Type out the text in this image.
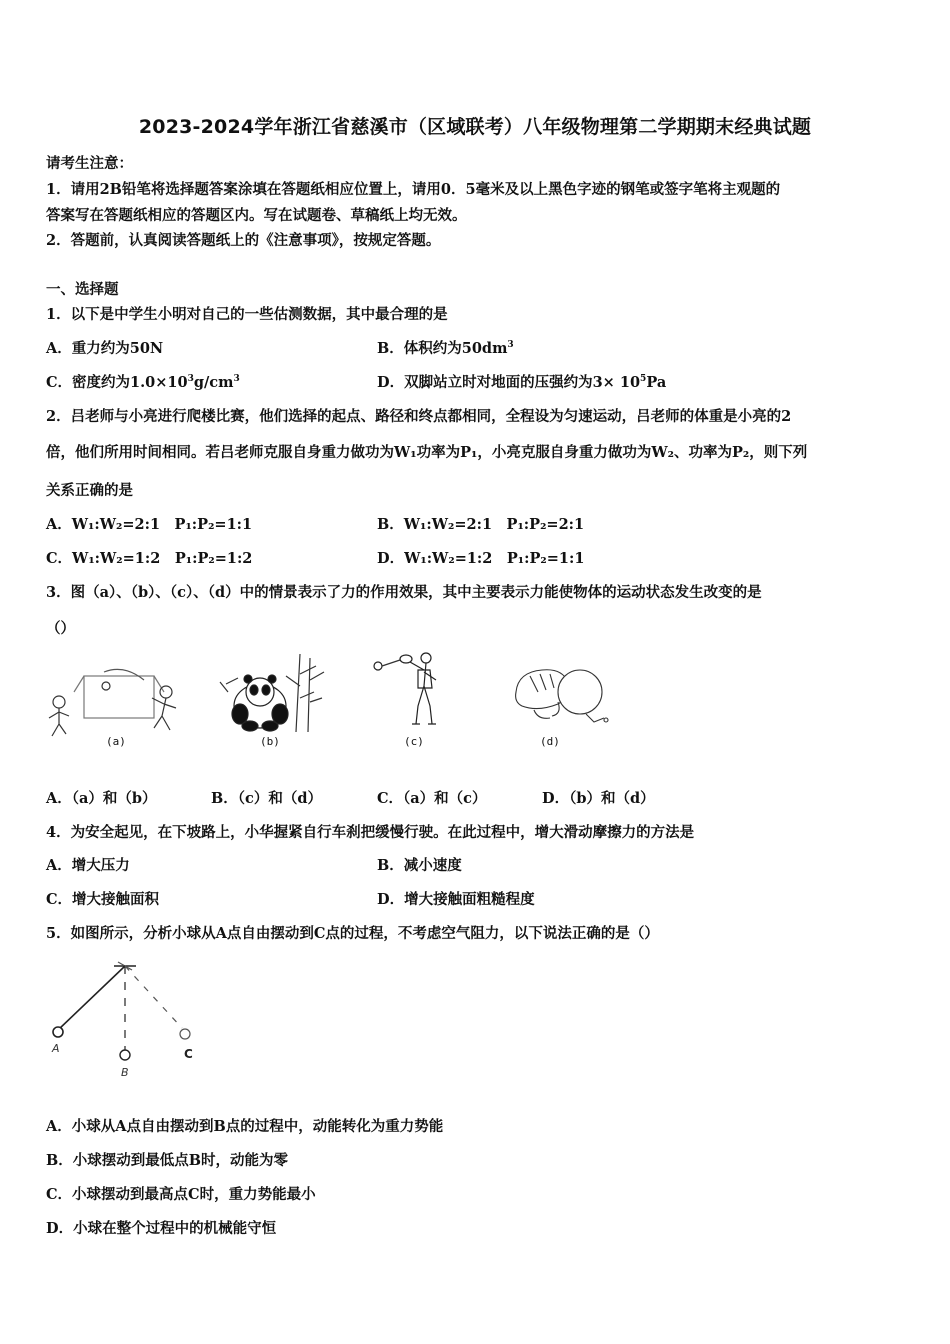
2023-2024学年浙江省慈溪市（区域联考）八年级物理第二学期期末经典试题
请考生注意：
1．请用2B铅笔将选择题答案涂填在答题纸相应位置上，请用0．5毫米及以上黑色字迹的钢笔或签字笔将主观题的
答案写在答题纸相应的答题区内。写在试题卷、草稿纸上均无效。
2．答题前，认真阅读答题纸上的《注意事项》，按规定答题。
一、选择题
1．以下是中学生小明对自己的一些估测数据，其中最合理的是
A．重力约为50N	B．体积约为$50dm^3$
C．密度约为$1.0\times 10^3g/cm^3$	D．双脚站立时对地面的压强约为$3\times 10^5Pa$
2．吕老师与小亮进行爬楼比赛，他们选择的起点、路径和终点都相同，全程设为匀速运动，吕老师的体重是小亮的2
倍，他们所用时间相同。若吕老师克服自身重力做功为W₁功率为P₁，小亮克服自身重力做功为W₂、功率为P₂，则下列
关系正确的是
A．W₁:W₂=2:1　P₁:P₂=1:1	B．W₁:W₂=2:1　P₁:P₂=2:1
C．W₁:W₂=1:2　P₁:P₂=1:2	D．W₁:W₂=1:2　P₁:P₂=1:1
3．图（a）、（b）、（c）、（d）中的情景表示了力的作用效果，其中主要表示力能使物体的运动状态发生改变的是
（）
(a)	(b)	(c)	(d)
A．（a）和（b）	B．（c）和（d）	C．（a）和（c）	D．（b）和（d）
4．为安全起见，在下坡路上，小华握紧自行车刹把缓慢行驶。在此过程中，增大滑动摩擦力的方法是
A．增大压力	B．减小速度
C．增大接触面积	D．增大接触面粗糙程度
5．如图所示，分析小球从A点自由摆动到C点的过程，不考虑空气阻力，以下说法正确的是（）
A
B
C
A．小球从A点自由摆动到B点的过程中，动能转化为重力势能
B．小球摆动到最低点B时，动能为零
C．小球摆动到最高点C时，重力势能最小
D．小球在整个过程中的机械能守恒
